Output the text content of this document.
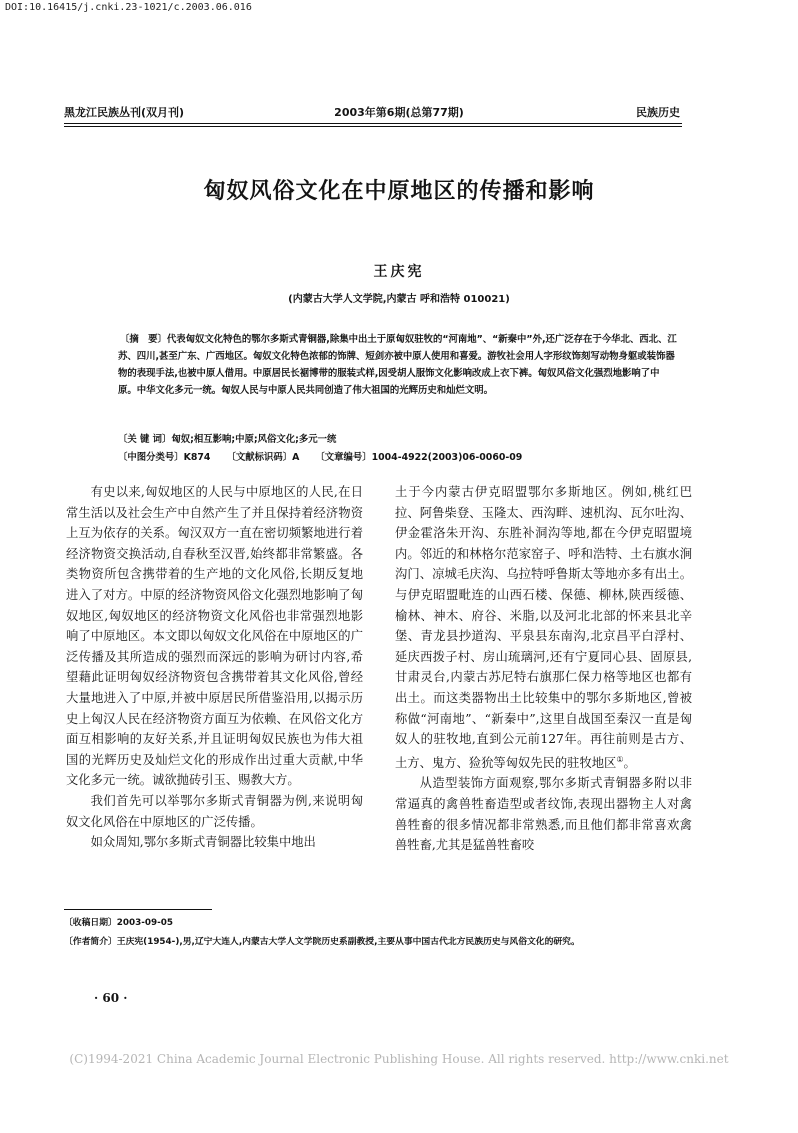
DOI:10.16415/j.cnki.23-1021/c.2003.06.016
黑龙江民族丛刊(双月刊)	2003年第6期(总第77期)	民族历史
匈奴风俗文化在中原地区的传播和影响
王庆宪
(内蒙古大学人文学院,内蒙古 呼和浩特 010021)
〔摘　要〕代表匈奴文化特色的鄂尔多斯式青铜器,除集中出土于原匈奴驻牧的“河南地”、“新秦中”外,还广泛存在于今华北、西北、江苏、四川,甚至广东、广西地区。匈奴文化特色浓郁的饰牌、短剑亦被中原人使用和喜爱。游牧社会用人字形纹饰刻写动物身躯或装饰器物的表现手法,也被中原人借用。中原居民长裾博带的服装式样,因受胡人服饰文化影响改成上衣下裤。匈奴风俗文化强烈地影响了中原。中华文化多元一统。匈奴人民与中原人民共同创造了伟大祖国的光辉历史和灿烂文明。
〔关 键 词〕匈奴;相互影响;中原;风俗文化;多元一统
〔中图分类号〕K874 〔文献标识码〕A 〔文章编号〕1004-4922(2003)06-0060-09

有史以来,匈奴地区的人民与中原地区的人民,在日常生活以及社会生产中自然产生了并且保持着经济物资上互为依存的关系。匈汉双方一直在密切频繁地进行着经济物资交换活动,自春秋至汉晋,始终都非常繁盛。各类物资所包含携带着的生产地的文化风俗,长期反复地进入了对方。中原的经济物资风俗文化强烈地影响了匈奴地区,匈奴地区的经济物资文化风俗也非常强烈地影响了中原地区。本文即以匈奴文化风俗在中原地区的广泛传播及其所造成的强烈而深远的影响为研讨内容,希望藉此证明匈奴经济物资包含携带着其文化风俗,曾经大量地进入了中原,并被中原居民所借鉴沿用,以揭示历史上匈汉人民在经济物资方面互为依赖、在风俗文化方面互相影响的友好关系,并且证明匈奴民族也为伟大祖国的光辉历史及灿烂文化的形成作出过重大贡献,中华文化多元一统。诚欲抛砖引玉、赐教大方。

我们首先可以举鄂尔多斯式青铜器为例,来说明匈奴文化风俗在中原地区的广泛传播。

如众周知,鄂尔多斯式青铜器比较集中地出

土于今内蒙古伊克昭盟鄂尔多斯地区。例如,桃红巴拉、阿鲁柴登、玉隆太、西沟畔、速机沟、瓦尔吐沟、伊金霍洛朱开沟、东胜补洞沟等地,都在今伊克昭盟境内。邻近的和林格尔范家窑子、呼和浩特、土右旗水涧沟门、凉城毛庆沟、乌拉特呼鲁斯太等地亦多有出土。与伊克昭盟毗连的山西石楼、保德、柳林,陕西绥德、榆林、神木、府谷、米脂,以及河北北部的怀来县北辛堡、青龙县抄道沟、平泉县东南沟,北京昌平白浮村、延庆西拨子村、房山琉璃河,还有宁夏同心县、固原县,甘肃灵台,内蒙古苏尼特右旗那仁保力格等地区也都有出土。而这类器物出土比较集中的鄂尔多斯地区,曾被称做“河南地”、“新秦中”,这里自战国至秦汉一直是匈奴人的驻牧地,直到公元前127年。再往前则是古方、土方、鬼方、猃狁等匈奴先民的驻牧地区①。

从造型装饰方面观察,鄂尔多斯式青铜器多附以非常逼真的禽兽牲畜造型或者纹饰,表现出器物主人对禽兽牲畜的很多情况都非常熟悉,而且他们都非常喜欢禽兽牲畜,尤其是猛兽牲畜咬

〔收稿日期〕2003-09-05
〔作者简介〕王庆宪(1954-),男,辽宁大连人,内蒙古大学人文学院历史系副教授,主要从事中国古代北方民族历史与风俗文化的研究。
· 60 ·
(C)1994-2021 China Academic Journal Electronic Publishing House. All rights reserved. http://www.cnki.net
